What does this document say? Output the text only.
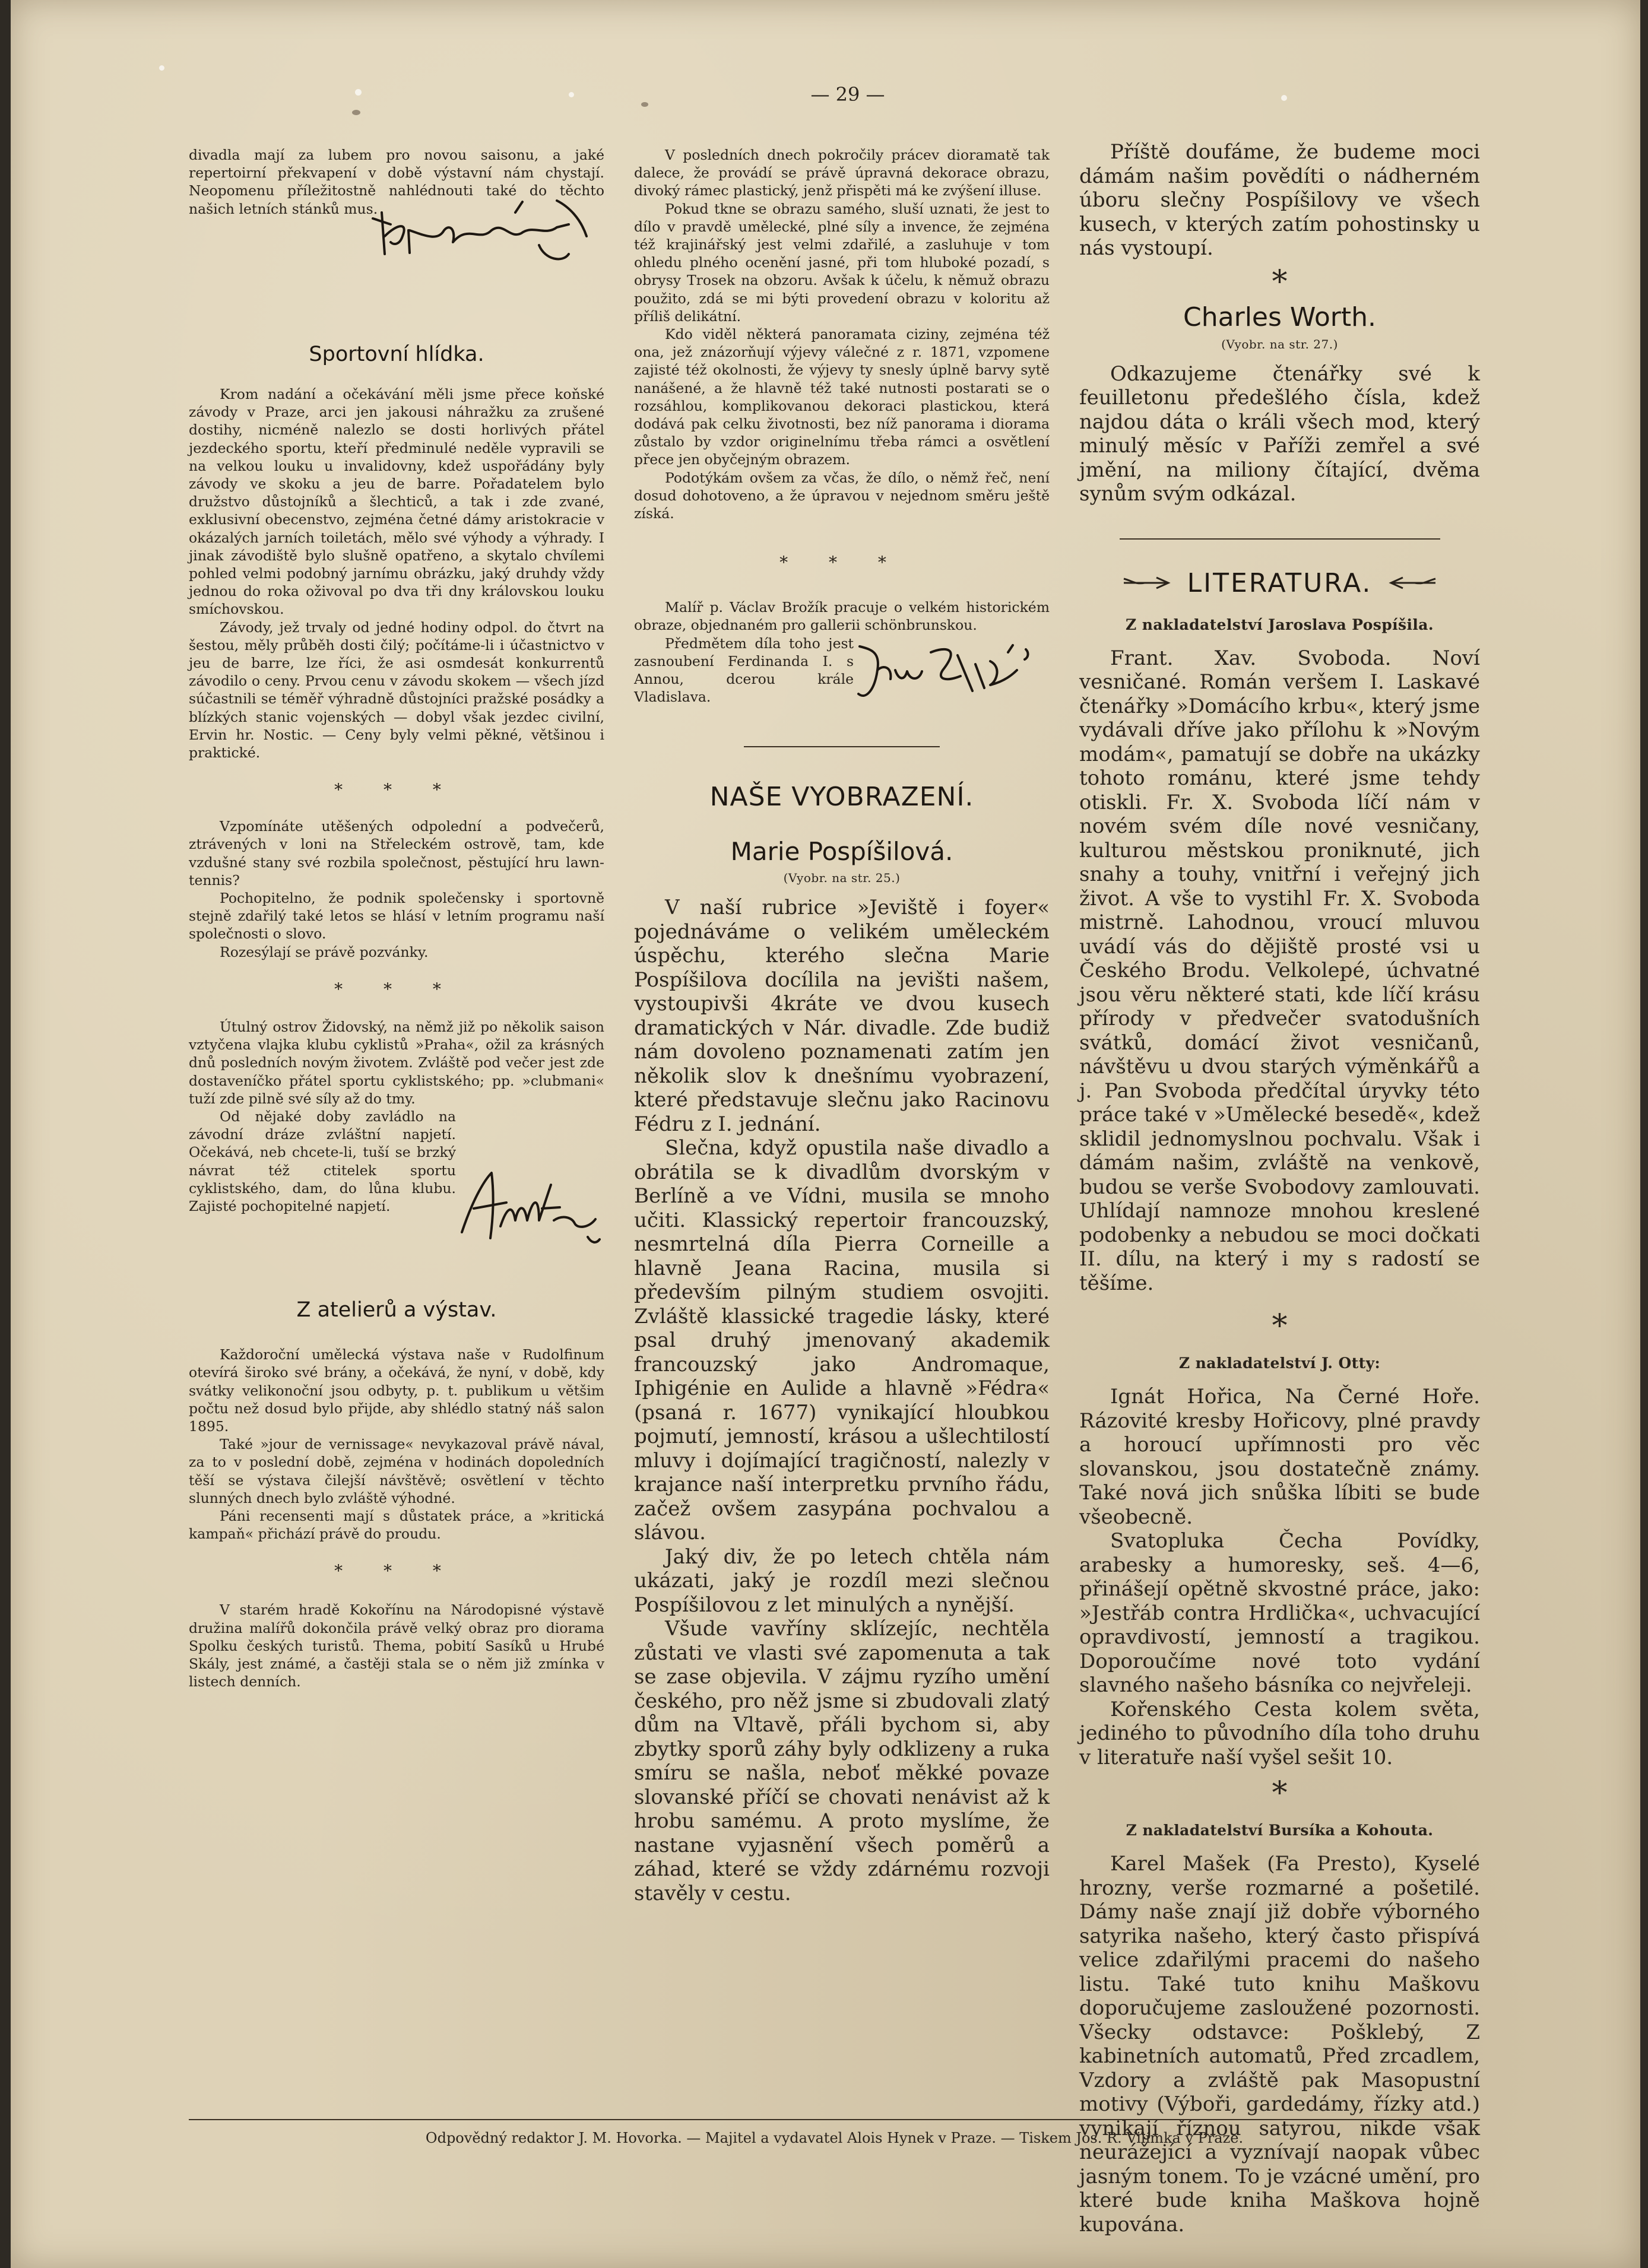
— 29 —

divadla mají za lubem pro novou saisonu, a jaké repertoirní překvapení v době výstavní nám chystají. Neopomenu příležitostně nahlédnouti také do těchto našich letních stánků mus.

Sportovní hlídka.

Krom nadání a očekávání měli jsme přece koňské závody v Praze, arci jen jakousi náhražku za zrušené dostihy, nicméně nalezlo se dosti horlivých přátel jezdeckého sportu, kteří předminulé neděle vypravili se na velkou louku u invalidovny, kdež uspořádány byly závody ve skoku a jeu de barre. Pořadatelem bylo družstvo důstojníků a šlechticů, a tak i zde zvané, exklusivní obecenstvo, zejména četné dámy aristokracie v okázalých jarních toiletách, mělo své výhody a výhrady. I jinak závodiště bylo slušně opatřeno, a skytalo chvílemi pohled velmi podobný jarnímu obrázku, jaký druhdy vždy jednou do roka oživoval po dva tři dny královskou louku smíchovskou.

Závody, jež trvaly od jedné hodiny odpol. do čtvrt na šestou, měly průběh dosti čilý; počítáme-li i účastnictvo v jeu de barre, lze říci, že asi osmdesát konkurrentů závodilo o ceny. Prvou cenu v závodu skokem — všech jízd súčastnili se téměř výhradně důstojníci pražské posádky a blízkých stanic vojenských — dobyl však jezdec civilní, Ervin hr. Nostic. — Ceny byly velmi pěkné, většinou i praktické.

* * *

Vzpomínáte utěšených odpolední a podvečerů, ztrávených v loni na Střeleckém ostrově, tam, kde vzdušné stany své rozbila společnost, pěstující hru lawn-tennis?

Pochopitelno, že podnik společensky i sportovně stejně zdařilý také letos se hlásí v letním programu naší společnosti o slovo.

Rozesýlají se právě pozvánky.

* * *

Útulný ostrov Židovský, na němž již po několik saison vztyčena vlajka klubu cyklistů »Praha«, ožil za krásných dnů posledních novým životem. Zvláště pod večer jest zde dostaveníčko přátel sportu cyklistského; pp. »clubmani« tuží zde pilně své síly až do tmy.

Od nějaké doby zavládlo na závodní dráze zvláštní napjetí. Očekává, neb chcete-li, tuší se brzký návrat též ctitelek sportu cyklistského, dam, do lůna klubu. Zajisté pochopitelné napjetí.

Z atelierů a výstav.

Každoroční umělecká výstava naše v Rudolfinum otevírá široko své brány, a očekává, že nyní, v době, kdy svátky velikonoční jsou odbyty, p. t. publikum u většim počtu než dosud bylo přijde, aby shlédlo statný náš salon 1895.

Také »jour de vernissage« nevykazoval právě nával, za to v poslední době, zejména v hodinách dopoledních těší se výstava čilejší návštěvě; osvětlení v těchto slunných dnech bylo zvláště výhodné.

Páni recensenti mají s důstatek práce, a »kritická kampaň« přichází právě do proudu.

* * *

V starém hradě Kokořínu na Národopisné výstavě družina malířů dokončila právě velký obraz pro diorama Spolku českých turistů. Thema, pobití Sasíků u Hrubé Skály, jest známé, a častěji stala se o něm již zmínka v listech denních.

V posledních dnech pokročily prácev dioramatě tak dalece, že provádí se právě úpravná dekorace obrazu, divoký rámec plastický, jenž přispěti má ke zvýšení illuse.

Pokud tkne se obrazu samého, sluší uznati, že jest to dílo v pravdě umělecké, plné síly a invence, že zejména též krajinářský jest velmi zdařilé, a zasluhuje v tom ohledu plného ocenění jasné, při tom hluboké pozadí, s obrysy Trosek na obzoru. Avšak k účelu, k němuž obrazu použito, zdá se mi býti provedení obrazu v koloritu až příliš delikátní.

Kdo viděl některá panoramata ciziny, zejména též ona, jež znázorňují výjevy válečné z r. 1871, vzpomene zajisté též okolnosti, že výjevy ty snesly úplně barvy sytě nanášené, a že hlavně též také nutnosti postarati se o rozsáhlou, komplikovanou dekoraci plastickou, která dodává pak celku životnosti, bez níž panorama i diorama zůstalo by vzdor originelnímu třeba rámci a osvětlení přece jen obyčejným obrazem.

Podotýkám ovšem za včas, že dílo, o němž řeč, není dosud dohotoveno, a že úpravou v nejednom směru ještě získá.

* * *

Malíř p. Václav Brožík pracuje o velkém historickém obraze, objednaném pro gallerii schönbrunskou.

Předmětem díla toho jest zasnoubení Ferdinanda I. s Annou, dcerou krále Vladislava.

NAŠE VYOBRAZENÍ.
Marie Pospíšilová.
(Vyobr. na str. 25.)

V naší rubrice »Jeviště i foyer« pojednáváme o velikém uměleckém úspěchu, kterého slečna Marie Pospíšilova docílila na jevišti našem, vystoupivši 4kráte ve dvou kusech dramatických v Nár. divadle. Zde budiž nám dovoleno poznamenati zatím jen několik slov k dnešnímu vyobrazení, které představuje slečnu jako Racinovu Fédru z I. jednání.

Slečna, když opustila naše divadlo a obrátila se k divadlům dvorským v Berlíně a ve Vídni, musila se mnoho učiti. Klassický repertoir francouzský, nesmrtelná díla Pierra Corneille a hlavně Jeana Racina, musila si především pilným studiem osvojiti. Zvláště klassické tragedie lásky, které psal druhý jmenovaný akademik francouzský jako Andromaque, Iphigénie en Aulide a hlavně »Fédra« (psaná r. 1677) vynikající hloubkou pojmutí, jemností, krásou a ušlechtilostí mluvy i dojímající tragičností, nalezly v krajance naší interpretku prvního řádu, začež ovšem zasypána pochvalou a slávou.

Jaký div, že po letech chtěla nám ukázati, jaký je rozdíl mezi slečnou Pospíšilovou z let minulých a nynější.

Všude vavříny sklízejíc, nechtěla zůstati ve vlasti své zapomenuta a tak se zase objevila. V zájmu ryzího umění českého, pro něž jsme si zbudovali zlatý dům na Vltavě, přáli bychom si, aby zbytky sporů záhy byly odklizeny a ruka smíru se našla, neboť měkké povaze slovanské příčí se chovati nenávist až k hrobu samému. A proto myslíme, že nastane vyjasnění všech poměrů a záhad, které se vždy zdárnému rozvoji stavěly v cestu.

Příště doufáme, že budeme moci dámám našim povědíti o nádherném úboru slečny Pospíšilovy ve všech kusech, v kterých zatím pohostinsky u nás vystoupí.

*
Charles Worth.
(Vyobr. na str. 27.)

Odkazujeme čtenářky své k feuilletonu předešlého čísla, kdež najdou dáta o králi všech mod, který minulý měsíc v Paříži zemřel a své jmění, na miliony čítající, dvěma synům svým odkázal.

LITERATURA.
Z nakladatelství Jaroslava Pospíšila.

Frant. Xav. Svoboda. Noví vesničané. Román veršem I. Laskavé čtenářky »Domácího krbu«, který jsme vydávali dříve jako přílohu k »Novým modám«, pamatují se dobře na ukázky tohoto románu, které jsme tehdy otiskli. Fr. X. Svoboda líčí nám v novém svém díle nové vesničany, kulturou městskou proniknuté, jich snahy a touhy, vnitřní i veřejný jich život. A vše to vystihl Fr. X. Svoboda mistrně. Lahodnou, vroucí mluvou uvádí vás do dějiště prosté vsi u Českého Brodu. Velkolepé, úchvatné jsou věru některé stati, kde líčí krásu přírody v předvečer svatodušních svátků, domácí život vesničanů, návštěvu u dvou starých výměnkářů a j. Pan Svoboda předčítal úryvky této práce také v »Umělecké besedě«, kdež sklidil jednomyslnou pochvalu. Však i dámám našim, zvláště na venkově, budou se verše Svobodovy zamlouvati. Uhlídají namnoze mnohou kreslené podobenky a nebudou se moci dočkati II. dílu, na který i my s radostí se těšíme.

*
Z nakladatelství J. Otty:

Ignát Hořica, Na Černé Hoře. Rázovité kresby Hořicovy, plné pravdy a horoucí upřímnosti pro věc slovanskou, jsou dostatečně známy. Také nová jich snůška líbiti se bude všeobecně.

Svatopluka Čecha Povídky, arabesky a humoresky, seš. 4—6, přinášejí opětně skvostné práce, jako: »Jestřáb contra Hrdlička«, uchvacující opravdivostí, jemností a tragikou. Doporoučíme nové toto vydání slavného našeho básníka co nejvřeleji.

Kořenského Cesta kolem světa, jediného to původního díla toho druhu v literatuře naší vyšel sešit 10.

*
Z nakladatelství Bursíka a Kohouta.

Karel Mašek (Fa Presto), Kyselé hrozny, verše rozmarné a pošetilé. Dámy naše znají již dobře výborného satyrika našeho, který často přispívá velice zdařilými pracemi do našeho listu. Také tuto knihu Maškovu doporučujeme zasloužené pozornosti. Všecky odstavce: Pošklebý, Z kabinetních automatů, Před zrcadlem, Vzdory a zvláště pak Masopustní motivy (Výboři, gardedámy, řízky atd.) vynikají říznou satyrou, nikde však neurážející a vyznívají naopak vůbec jasným tonem. To je vzácné umění, pro které bude kniha Maškova hojně kupována.

Odpovědný redaktor J. M. Hovorka. — Majitel a vydavatel Alois Hynek v Praze. — Tiskem Jos. R. Vilímka v Praze.
